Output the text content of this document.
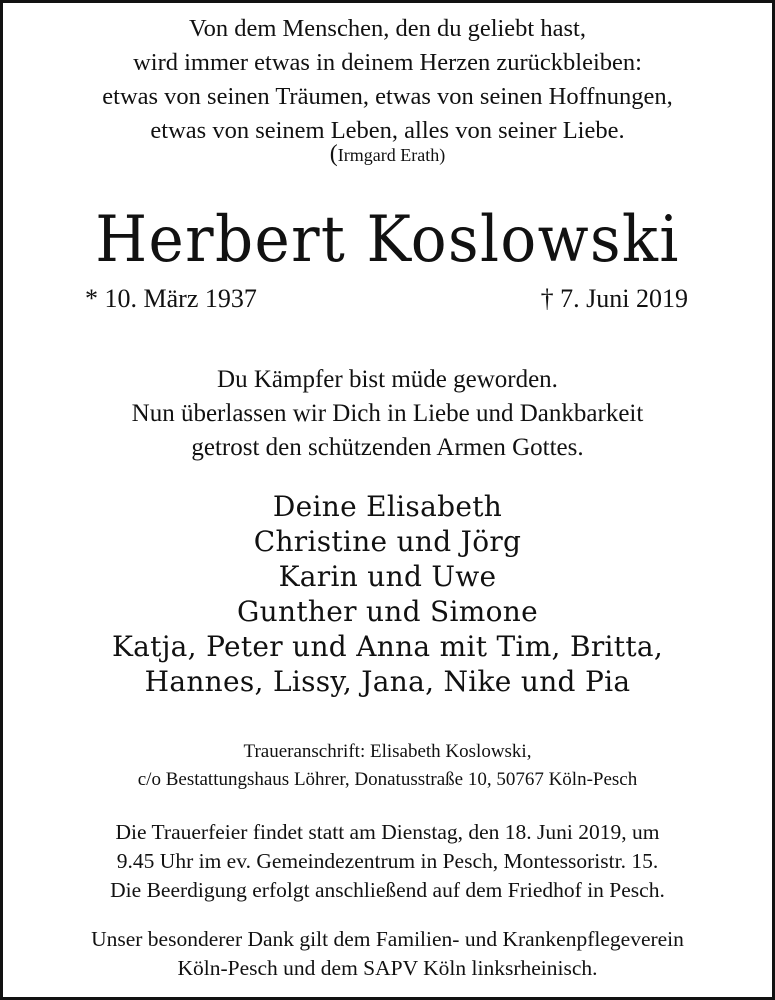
Von dem Menschen, den du geliebt hast,
wird immer etwas in deinem Herzen zurückbleiben:
etwas von seinen Träumen, etwas von seinen Hoffnungen,
etwas von seinem Leben, alles von seiner Liebe.
(Irmgard Erath)
Herbert Koslowski
* 10. März 1937	† 7. Juni 2019
Du Kämpfer bist müde geworden.
Nun überlassen wir Dich in Liebe und Dankbarkeit
getrost den schützenden Armen Gottes.
Deine Elisabeth
Christine und Jörg
Karin und Uwe
Gunther und Simone
Katja, Peter und Anna mit Tim, Britta,
Hannes, Lissy, Jana, Nike und Pia
Traueranschrift: Elisabeth Koslowski,
c/o Bestattungshaus Löhrer, Donatusstraße 10, 50767 Köln-Pesch
Die Trauerfeier findet statt am Dienstag, den 18. Juni 2019, um
9.45 Uhr im ev. Gemeindezentrum in Pesch, Montessoristr. 15.
Die Beerdigung erfolgt anschließend auf dem Friedhof in Pesch.
Unser besonderer Dank gilt dem Familien- und Krankenpflegeverein
Köln-Pesch und dem SAPV Köln linksrheinisch.
